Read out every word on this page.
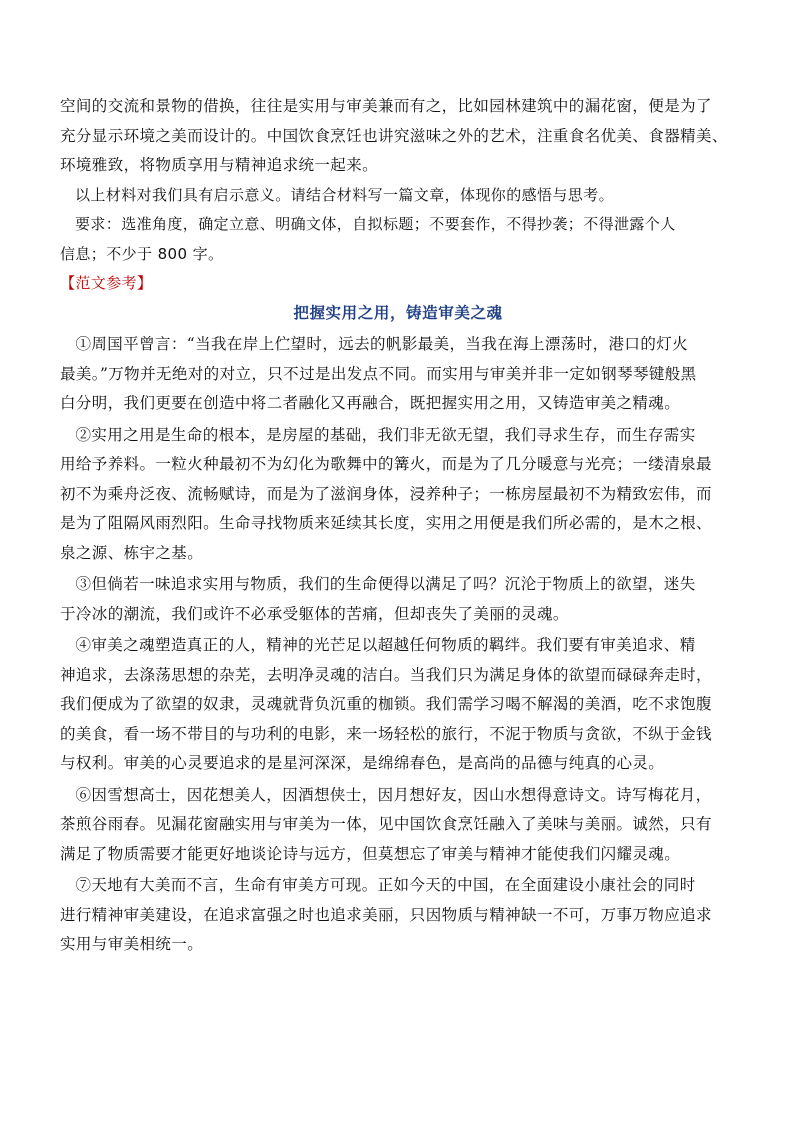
空间的交流和景物的借换，往往是实用与审美兼而有之，比如园林建筑中的漏花窗，便是为了

充分显示环境之美而设计的。中国饮食烹饪也讲究滋味之外的艺术，注重食名优美、食器精美、

环境雅致，将物质享用与精神追求统一起来。

以上材料对我们具有启示意义。请结合材料写一篇文章，体现你的感悟与思考。

要求：选准角度，确定立意、明确文体，自拟标题；不要套作，不得抄袭；不得泄露个人

信息；不少于 800 字。

【范文参考】

把握实用之用，铸造审美之魂

①周国平曾言：“当我在岸上伫望时，远去的帆影最美，当我在海上漂荡时，港口的灯火

最美。”万物并无绝对的对立，只不过是出发点不同。而实用与审美并非一定如钢琴琴键般黑

白分明，我们更要在创造中将二者融化又再融合，既把握实用之用，又铸造审美之精魂。

②实用之用是生命的根本，是房屋的基础，我们非无欲无望，我们寻求生存，而生存需实

用给予养料。一粒火种最初不为幻化为歌舞中的篝火，而是为了几分暖意与光亮；一缕清泉最

初不为乘舟泛夜、流畅赋诗，而是为了滋润身体，浸养种子；一栋房屋最初不为精致宏伟，而

是为了阻隔风雨烈阳。生命寻找物质来延续其长度，实用之用便是我们所必需的，是木之根、

泉之源、栋宇之基。

③但倘若一味追求实用与物质，我们的生命便得以满足了吗？沉沦于物质上的欲望，迷失

于冷冰的潮流，我们或许不必承受躯体的苦痛，但却丧失了美丽的灵魂。

④审美之魂塑造真正的人，精神的光芒足以超越任何物质的羁绊。我们要有审美追求、精

神追求，去涤荡思想的杂芜，去明净灵魂的洁白。当我们只为满足身体的欲望而碌碌奔走时，

我们便成为了欲望的奴隶，灵魂就背负沉重的枷锁。我们需学习喝不解渴的美酒，吃不求饱腹

的美食，看一场不带目的与功利的电影，来一场轻松的旅行，不泥于物质与贪欲，不纵于金钱

与权利。审美的心灵要追求的是星河深深，是绵绵春色，是高尚的品德与纯真的心灵。

⑥因雪想高士，因花想美人，因酒想侠士，因月想好友，因山水想得意诗文。诗写梅花月，

茶煎谷雨春。见漏花窗融实用与审美为一体，见中国饮食烹饪融入了美味与美丽。诚然，只有

满足了物质需要才能更好地谈论诗与远方，但莫想忘了审美与精神才能使我们闪耀灵魂。

⑦天地有大美而不言，生命有审美方可现。正如今天的中国，在全面建设小康社会的同时

进行精神审美建设，在追求富强之时也追求美丽，只因物质与精神缺一不可，万事万物应追求

实用与审美相统一。
